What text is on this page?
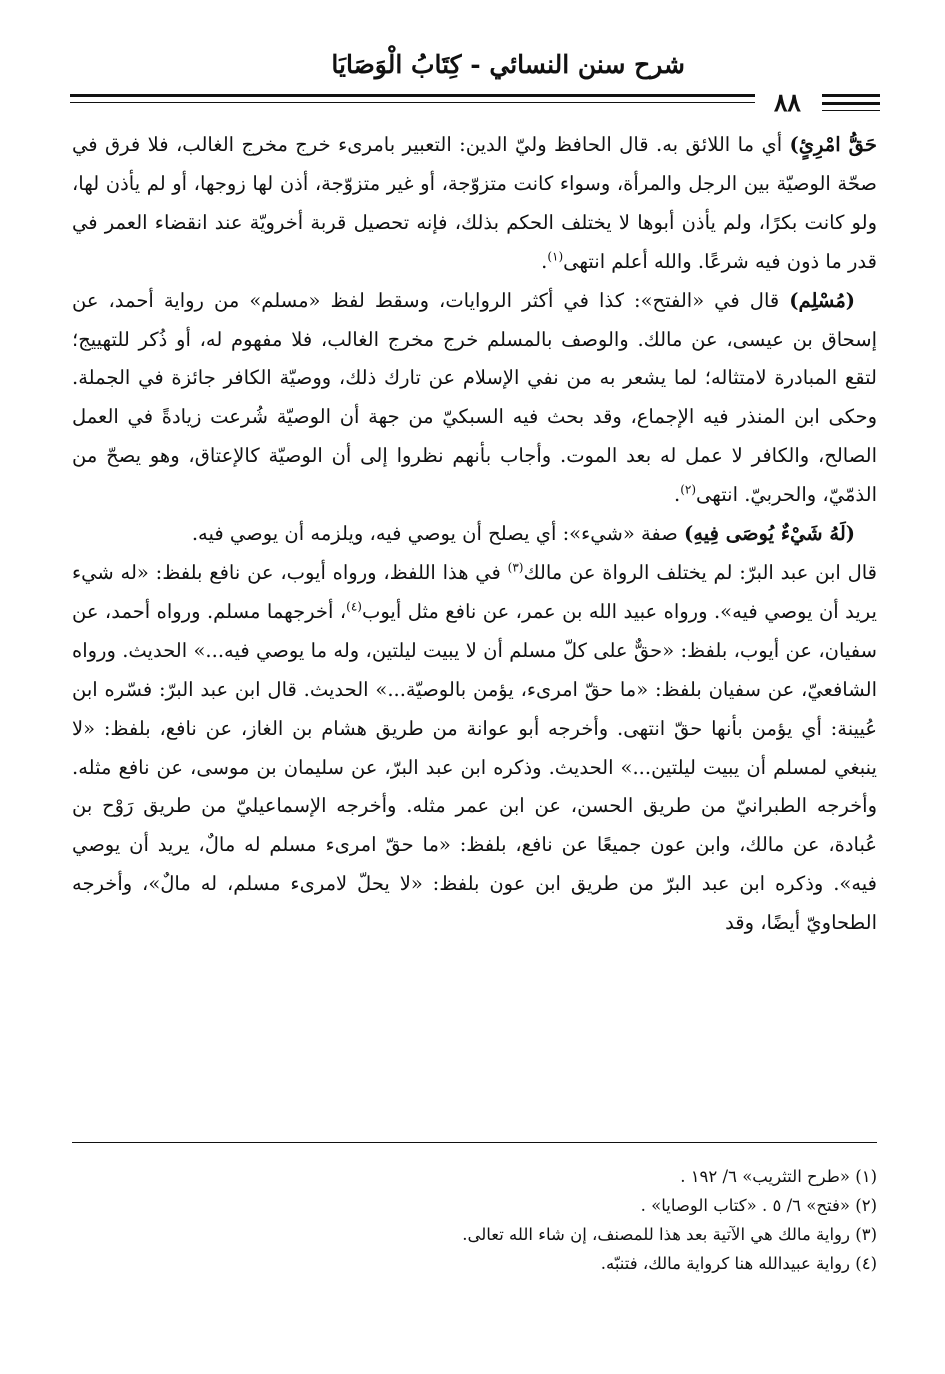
شرح سنن النسائي - كِتَابُ الْوَصَايَا
٨٨

حَقُّ امْرِئٍ) أي ما اللائق به. قال الحافظ وليّ الدين: التعبير بامرىء خرج مخرج الغالب، فلا فرق في صحّة الوصيّة بين الرجل والمرأة، وسواء كانت متزوّجة، أو غير متزوّجة، أذن لها زوجها، أو لم يأذن لها، ولو كانت بكرًا، ولم يأذن أبوها لا يختلف الحكم بذلك، فإنه تحصيل قربة أخرويّة عند انقضاء العمر في قدر ما ذون فيه شرعًا. والله أعلم انتهى$^{(١)}$.

(مُسْلِم) قال في «الفتح»: كذا في أكثر الروايات، وسقط لفظ «مسلم» من رواية أحمد، عن إسحاق بن عيسى، عن مالك. والوصف بالمسلم خرج مخرج الغالب، فلا مفهوم له، أو ذُكر للتهييج؛ لتقع المبادرة لامتثاله؛ لما يشعر به من نفي الإسلام عن تارك ذلك، ووصيّة الكافر جائزة في الجملة. وحكى ابن المنذر فيه الإجماع، وقد بحث فيه السبكيّ من جهة أن الوصيّة شُرعت زيادةً في العمل الصالح، والكافر لا عمل له بعد الموت. وأجاب بأنهم نظروا إلى أن الوصيّة كالإعتاق، وهو يصحّ من الذمّيّ، والحربيّ. انتهى$^{(٢)}$.

(لَهُ شَيْءٌ يُوصَى فِيهِ) صفة «شيء»: أي يصلح أن يوصي فيه، ويلزمه أن يوصي فيه.

قال ابن عبد البرّ: لم يختلف الرواة عن مالك$^{(٣)}$ في هذا اللفظ، ورواه أيوب، عن نافع بلفظ: «له شيء يريد أن يوصي فيه». ورواه عبيد الله بن عمر، عن نافع مثل أيوب$^{(٤)}$، أخرجهما مسلم. ورواه أحمد، عن سفيان، عن أيوب، بلفظ: «حقٌّ على كلّ مسلم أن لا يبيت ليلتين، وله ما يوصي فيه...» الحديث. ورواه الشافعيّ، عن سفيان بلفظ: «ما حقّ امرىء، يؤمن بالوصيّة...» الحديث. قال ابن عبد البرّ: فسّره ابن عُيينة: أي يؤمن بأنها حقّ انتهى. وأخرجه أبو عوانة من طريق هشام بن الغاز، عن نافع، بلفظ: «لا ينبغي لمسلم أن يبيت ليلتين...» الحديث. وذكره ابن عبد البرّ، عن سليمان بن موسى، عن نافع مثله. وأخرجه الطبرانيّ من طريق الحسن، عن ابن عمر مثله. وأخرجه الإسماعيليّ من طريق رَوْح بن عُبادة، عن مالك، وابن عون جميعًا عن نافع، بلفظ: «ما حقّ امرىء مسلم له مالٌ، يريد أن يوصي فيه». وذكره ابن عبد البرّ من طريق ابن عون بلفظ: «لا يحلّ لامرىء مسلم، له مالٌ»، وأخرجه الطحاويّ أيضًا، وقد

(١) «طرح التثريب» ٦/ ١٩٢ .
(٢) «فتح» ٦/ ٥ . «كتاب الوصايا» .
(٣) رواية مالك هي الآتية بعد هذا للمصنف، إن شاء الله تعالى.
(٤) رواية عبيدالله هنا كرواية مالك، فتنبّه.
